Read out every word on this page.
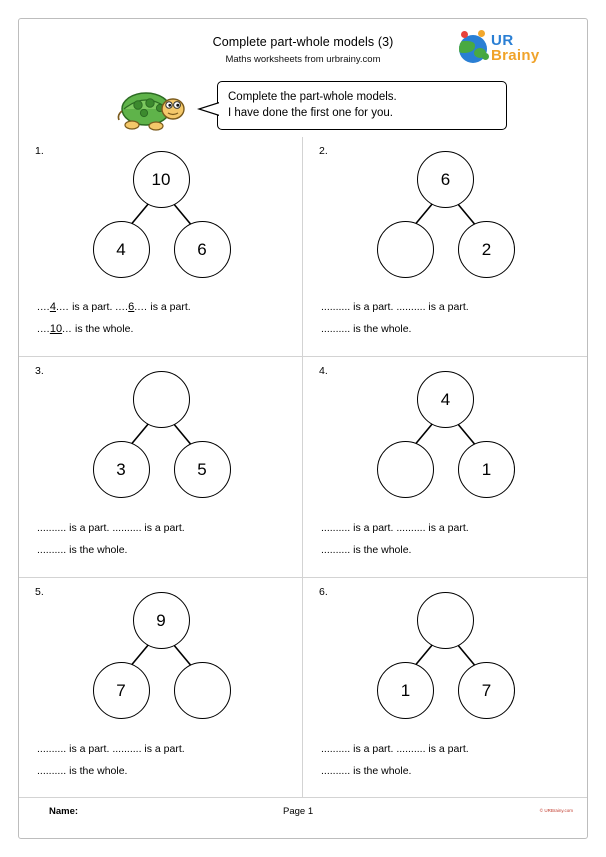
Complete part-whole models (3)
Maths worksheets from urbrainy.com
UR
Brainy
Complete the part-whole models.
I have done the first one for you.
1.
10
4	6
....4.... is a part. ....6.... is a part.
....10... is the whole.
2.
6
2
.......... is a part. .......... is a part.
.......... is the whole.
3.
3	5
.......... is a part. .......... is a part.
.......... is the whole.
4.
4
1
.......... is a part. .......... is a part.
.......... is the whole.
5.
9
7
.......... is a part. .......... is a part.
.......... is the whole.
6.
1	7
.......... is a part. .......... is a part.
.......... is the whole.
Name:	Page 1	© URBrainy.com
